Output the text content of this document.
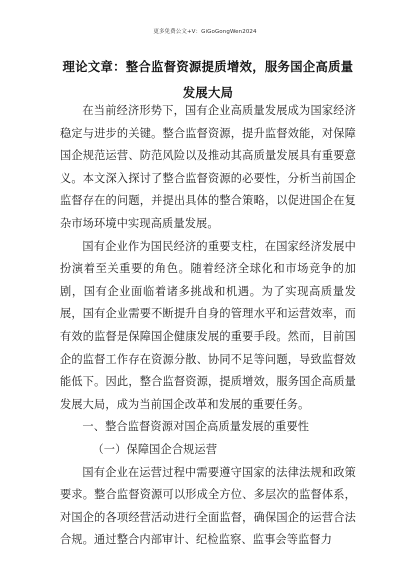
更多免费公文+V：GiGoGongWen2024
理论文章：整合监督资源提质增效，服务国企高质量发展大局

在当前经济形势下，国有企业高质量发展成为国家经济稳定与进步的关键。整合监督资源，提升监督效能，对保障国企规范运营、防范风险以及推动其高质量发展具有重要意义。本文深入探讨了整合监督资源的必要性，分析当前国企监督存在的问题，并提出具体的整合策略，以促进国企在复杂市场环境中实现高质量发展。

国有企业作为国民经济的重要支柱，在国家经济发展中扮演着至关重要的角色。随着经济全球化和市场竞争的加剧，国有企业面临着诸多挑战和机遇。为了实现高质量发展，国有企业需要不断提升自身的管理水平和运营效率，而有效的监督是保障国企健康发展的重要手段。然而，目前国企的监督工作存在资源分散、协同不足等问题，导致监督效能低下。因此，整合监督资源，提质增效，服务国企高质量发展大局，成为当前国企改革和发展的重要任务。

一、整合监督资源对国企高质量发展的重要性

（一）保障国企合规运营

国有企业在运营过程中需要遵守国家的法律法规和政策要求。整合监督资源可以形成全方位、多层次的监督体系，对国企的各项经营活动进行全面监督，确保国企的运营合法合规。通过整合内部审计、纪检监察、监事会等监督力
